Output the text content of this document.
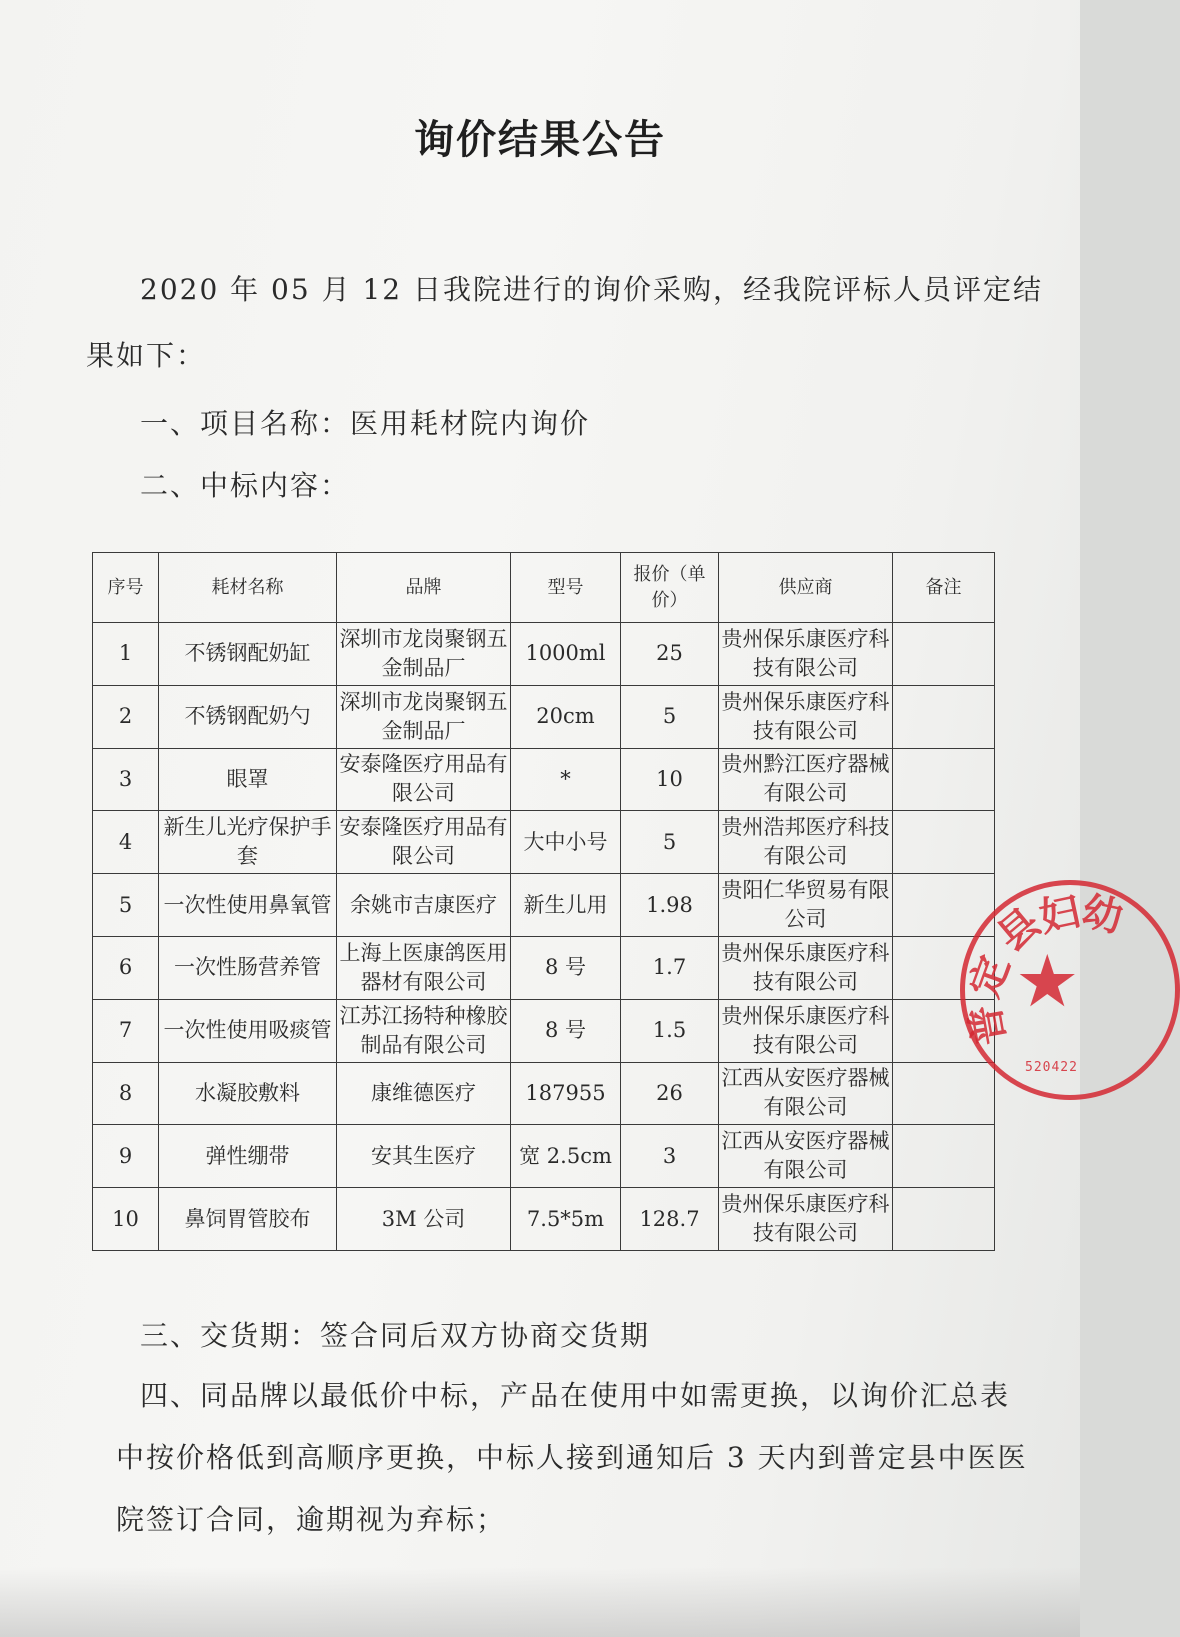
询价结果公告
2020 年 05 月 12 日我院进行的询价采购，经我院评标人员评定结
果如下：
一、项目名称：医用耗材院内询价
二、中标内容：
序号	耗材名称	品牌	型号	报价（单价）	供应商	备注
1	不锈钢配奶缸	深圳市龙岗聚钢五金制品厂	1000ml	25	贵州保乐康医疗科技有限公司	
2	不锈钢配奶勺	深圳市龙岗聚钢五金制品厂	20cm	5	贵州保乐康医疗科技有限公司	
3	眼罩	安泰隆医疗用品有限公司	*	10	贵州黔江医疗器械有限公司	
4	新生儿光疗保护手套	安泰隆医疗用品有限公司	大中小号	5	贵州浩邦医疗科技有限公司	
5	一次性使用鼻氧管	余姚市吉康医疗	新生儿用	1.98	贵阳仁华贸易有限公司	
6	一次性肠营养管	上海上医康鸽医用器材有限公司	8 号	1.7	贵州保乐康医疗科技有限公司	
7	一次性使用吸痰管	江苏江扬特种橡胶制品有限公司	8 号	1.5	贵州保乐康医疗科技有限公司	
8	水凝胶敷料	康维德医疗	187955	26	江西从安医疗器械有限公司	
9	弹性绷带	安其生医疗	宽 2.5cm	3	江西从安医疗器械有限公司	
10	鼻饲胃管胶布	3M 公司	7.5*5m	128.7	贵州保乐康医疗科技有限公司	
三、交货期：签合同后双方协商交货期
四、同品牌以最低价中标，产品在使用中如需更换，以询价汇总表
中按价格低到高顺序更换，中标人接到通知后 3 天内到普定县中医医
院签订合同，逾期视为弃标；
县
妇
幼
定
普
★
520422
